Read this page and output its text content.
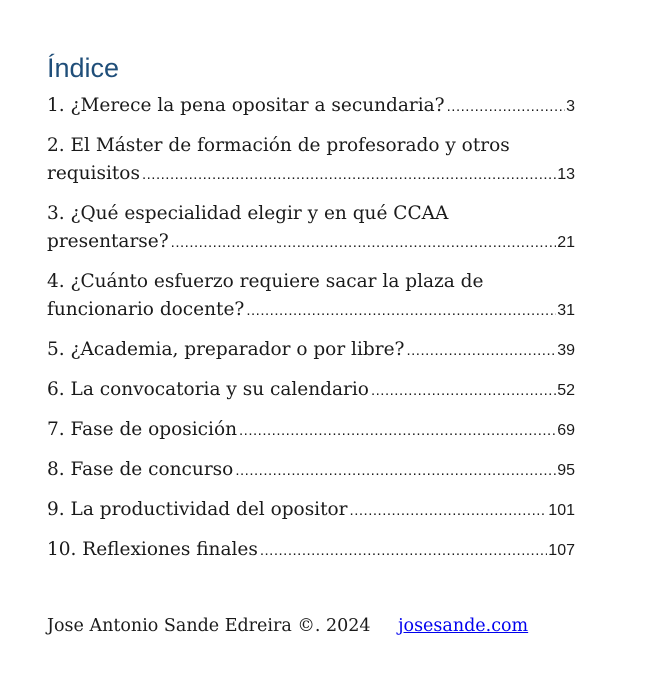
Índice
1. ¿Merece la pena opositar a secundaria? .....	3
2. El Máster de formación de profesorado y otros
requisitos .....	13
3. ¿Qué especialidad elegir y en qué CCAA
presentarse? .....	21
4. ¿Cuánto esfuerzo requiere sacar la plaza de
funcionario docente? .....	31
5. ¿Academia, preparador o por libre? .....	39
6. La convocatoria y su calendario .....	52
7. Fase de oposición .....	69
8. Fase de concurso .....	95
9. La productividad del opositor .....	101
10. Reflexiones finales .....	107
Jose Antonio Sande Edreira ©. 2024 josesande.com
